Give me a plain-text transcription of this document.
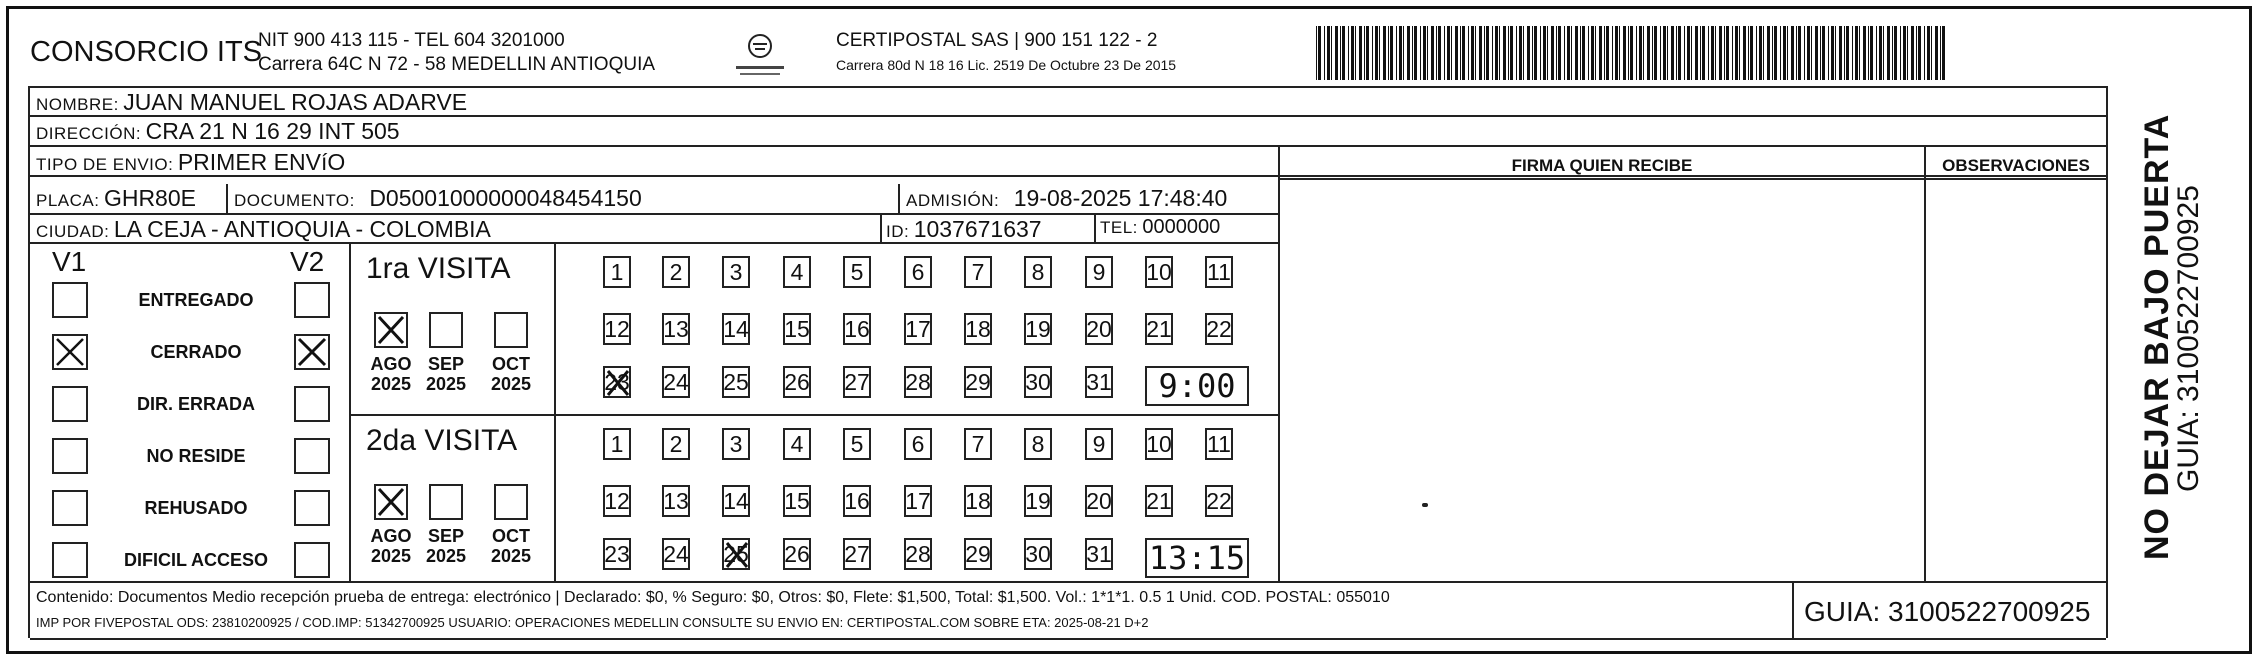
CONSORCIO ITS
NIT 900 413 115 - TEL 604 3201000
Carrera 64C N 72 - 58 MEDELLIN ANTIOQUIA
CERTIPOSTAL SAS | 900 151 122 - 2
Carrera 80d N 18 16 Lic. 2519 De Octubre 23 De 2015
NOMBRE: JUAN MANUEL ROJAS ADARVE
DIRECCIÓN: CRA 21 N 16 29 INT 505
TIPO DE ENVIO: PRIMER ENVíO
PLACA: GHR80E DOCUMENTO: D05001000000048454150	ADMISIÓN: 19-08-2025 17:48:40
CIUDAD: LA CEJA - ANTIOQUIA - COLOMBIA	ID: 1037671637	TEL: 0000000
FIRMA QUIEN RECIBE	OBSERVACIONES
V1	V2
ENTREGADO
CERRADO
DIR. ERRADA
NO RESIDE
REHUSADO
DIFICIL ACCESO
1ra VISITA
AGO
2025
SEP
2025
OCT
2025
1 2 3 4 5 6 7 8 9 10 11
12 13 14 15 16 17 18 19 20 21 22
23 24 25 26 27 28 29 30 31 9:00
2da VISITA
AGO
2025
SEP
2025
OCT
2025
1 2 3 4 5 6 7 8 9 10 11
12 13 14 15 16 17 18 19 20 21 22
23 24 25 26 27 28 29 30 31 13:15
Contenido: Documentos Medio recepción prueba de entrega: electrónico | Declarado: $0, % Seguro: $0, Otros: $0, Flete: $1,500, Total: $1,500. Vol.: 1*1*1. 0.5 1 Unid. COD. POSTAL: 055010
IMP POR FIVEPOSTAL ODS: 23810200925 / COD.IMP: 51342700925 USUARIO: OPERACIONES MEDELLIN CONSULTE SU ENVIO EN: CERTIPOSTAL.COM SOBRE ETA: 2025-08-21 D+2	GUIA: 3100522700925
NO DEJAR BAJO PUERTA
GUIA: 3100522700925
